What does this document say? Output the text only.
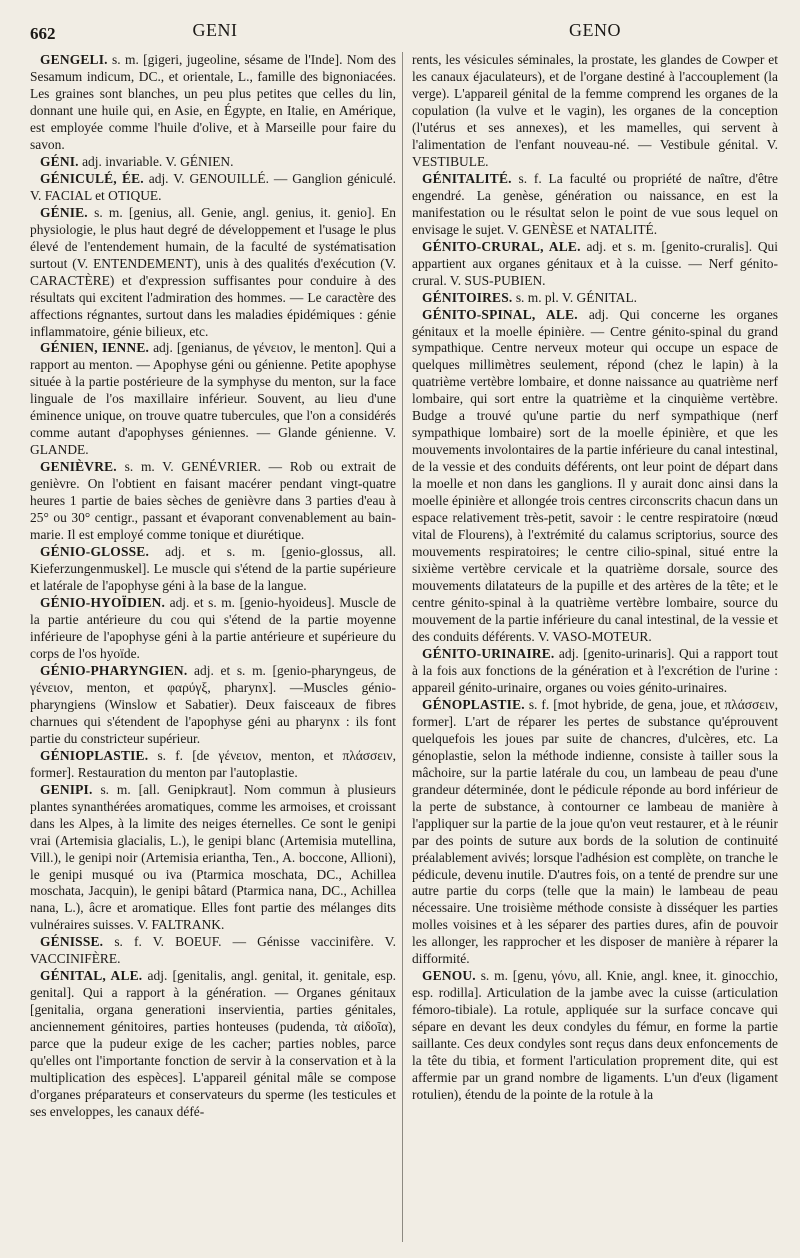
662	GENI	GENO

GENGELI. s. m. [gigeri, jugeoline, sésame de l'Inde]. Nom des Sesamum indicum, DC., et orientale, L., famille des bignoniacées. Les graines sont blanches, un peu plus petites que celles du lin, donnant une huile qui, en Asie, en Égypte, en Italie, en Amérique, est employée comme l'huile d'olive, et à Marseille pour faire du savon.

GÉNI. adj. invariable. V. GÉNIEN.

GÉNICULÉ, ÉE. adj. V. GENOUILLÉ. — Ganglion géniculé. V. FACIAL et OTIQUE.

GÉNIE. s. m. [genius, all. Genie, angl. genius, it. genio]. En physiologie, le plus haut degré de développement et l'usage le plus élevé de l'entendement humain, de la faculté de systématisation surtout (V. ENTENDEMENT), unis à des qualités d'exécution (V. CARACTÈRE) et d'expression suffisantes pour conduire à des résultats qui excitent l'admiration des hommes. — Le caractère des affections régnantes, surtout dans les maladies épidémiques : génie inflammatoire, génie bilieux, etc.

GÉNIEN, IENNE. adj. [genianus, de γένειον, le menton]. Qui a rapport au menton. — Apophyse géni ou génienne. Petite apophyse située à la partie postérieure de la symphyse du menton, sur la face linguale de l'os maxillaire inférieur. Souvent, au lieu d'une éminence unique, on trouve quatre tubercules, que l'on a considérés comme autant d'apophyses géniennes. — Glande génienne. V. GLANDE.

GENIÈVRE. s. m. V. GENÉVRIER. — Rob ou extrait de genièvre. On l'obtient en faisant macérer pendant vingt-quatre heures 1 partie de baies sèches de genièvre dans 3 parties d'eau à 25° ou 30° centigr., passant et évaporant convenablement au bain-marie. Il est employé comme tonique et diurétique.

GÉNIO-GLOSSE. adj. et s. m. [genio-glossus, all. Kieferzungenmuskel]. Le muscle qui s'étend de la partie supérieure et latérale de l'apophyse géni à la base de la langue.

GÉNIO-HYOÏDIEN. adj. et s. m. [genio-hyoideus]. Muscle de la partie antérieure du cou qui s'étend de la partie moyenne inférieure de l'apophyse géni à la partie antérieure et supérieure du corps de l'os hyoïde.

GÉNIO-PHARYNGIEN. adj. et s. m. [genio-pharyngeus, de γένειον, menton, et φαρύγξ, pharynx]. —Muscles génio-pharyngiens (Winslow et Sabatier). Deux faisceaux de fibres charnues qui s'étendent de l'apophyse géni au pharynx : ils font partie du constricteur supérieur.

GÉNIOPLASTIE. s. f. [de γένειον, menton, et πλάσσειν, former]. Restauration du menton par l'autoplastie.

GENIPI. s. m. [all. Genipkraut]. Nom commun à plusieurs plantes synanthérées aromatiques, comme les armoises, et croissant dans les Alpes, à la limite des neiges éternelles. Ce sont le genipi vrai (Artemisia glacialis, L.), le genipi blanc (Artemisia mutellina, Vill.), le genipi noir (Artemisia eriantha, Ten., A. boccone, Allioni), le genipi musqué ou iva (Ptarmica moschata, DC., Achillea moschata, Jacquin), le genipi bâtard (Ptarmica nana, DC., Achillea nana, L.), âcre et aromatique. Elles font partie des mélanges dits vulnéraires suisses. V. FALTRANK.

GÉNISSE. s. f. V. BOEUF. — Génisse vaccinifère. V. VACCINIFÈRE.

GÉNITAL, ALE. adj. [genitalis, angl. genital, it. genitale, esp. genital]. Qui a rapport à la génération. — Organes génitaux [genitalia, organa generationi inservientia, parties génitales, anciennement génitoires, parties honteuses (pudenda, τὰ αἰδοῖα), parce que la pudeur exige de les cacher; parties nobles, parce qu'elles ont l'importante fonction de servir à la conservation et à la multiplication des espèces]. L'appareil génital mâle se compose d'organes préparateurs et conservateurs du sperme (les testicules et ses enveloppes, les canaux défé-

rents, les vésicules séminales, la prostate, les glandes de Cowper et les canaux éjaculateurs), et de l'organe destiné à l'accouplement (la verge). L'appareil génital de la femme comprend les organes de la copulation (la vulve et le vagin), les organes de la conception (l'utérus et ses annexes), et les mamelles, qui servent à l'alimentation de l'enfant nouveau-né. — Vestibule génital. V. VESTIBULE.

GÉNITALITÉ. s. f. La faculté ou propriété de naître, d'être engendré. La genèse, génération ou naissance, en est la manifestation ou le résultat selon le point de vue sous lequel on envisage le sujet. V. GENÈSE et NATALITÉ.

GÉNITO-CRURAL, ALE. adj. et s. m. [genito-cruralis]. Qui appartient aux organes génitaux et à la cuisse. — Nerf génito-crural. V. SUS-PUBIEN.

GÉNITOIRES. s. m. pl. V. GÉNITAL.

GÉNITO-SPINAL, ALE. adj. Qui concerne les organes génitaux et la moelle épinière. — Centre génito-spinal du grand sympathique. Centre nerveux moteur qui occupe un espace de quelques millimètres seulement, répond (chez le lapin) à la quatrième vertèbre lombaire, et donne naissance au quatrième nerf lombaire, qui sort entre la quatrième et la cinquième vertèbre. Budge a trouvé qu'une partie du nerf sympathique (nerf sympathique lombaire) sort de la moelle épinière, et que les mouvements involontaires de la partie inférieure du canal intestinal, de la vessie et des conduits déférents, ont leur point de départ dans la moelle et non dans les ganglions. Il y aurait donc ainsi dans la moelle épinière et allongée trois centres circonscrits chacun dans un espace relativement très-petit, savoir : le centre respiratoire (nœud vital de Flourens), à l'extrémité du calamus scriptorius, source des mouvements respiratoires; le centre cilio-spinal, situé entre la sixième vertèbre cervicale et la quatrième dorsale, source des mouvements dilatateurs de la pupille et des artères de la tête; et le centre génito-spinal à la quatrième vertèbre lombaire, source du mouvement de la partie inférieure du canal intestinal, de la vessie et des conduits déférents. V. VASO-MOTEUR.

GÉNITO-URINAIRE. adj. [genito-urinaris]. Qui a rapport tout à la fois aux fonctions de la génération et à l'excrétion de l'urine : appareil génito-urinaire, organes ou voies génito-urinaires.

GÉNOPLASTIE. s. f. [mot hybride, de gena, joue, et πλάσσειν, former]. L'art de réparer les pertes de substance qu'éprouvent quelquefois les joues par suite de chancres, d'ulcères, etc. La génoplastie, selon la méthode indienne, consiste à tailler sous la mâchoire, sur la partie latérale du cou, un lambeau de peau d'une grandeur déterminée, dont le pédicule réponde au bord inférieur de la perte de substance, à contourner ce lambeau de manière à l'appliquer sur la partie de la joue qu'on veut restaurer, et à le réunir par des points de suture aux bords de la solution de continuité préalablement avivés; lorsque l'adhésion est complète, on tranche le pédicule, devenu inutile. D'autres fois, on a tenté de prendre sur une autre partie du corps (telle que la main) le lambeau de peau nécessaire. Une troisième méthode consiste à disséquer les parties molles voisines et à les séparer des parties dures, afin de pouvoir les allonger, les rapprocher et les disposer de manière à réparer la difformité.

GENOU. s. m. [genu, γόνυ, all. Knie, angl. knee, it. ginocchio, esp. rodilla]. Articulation de la jambe avec la cuisse (articulation fémoro-tibiale). La rotule, appliquée sur la surface concave qui sépare en devant les deux condyles du fémur, en forme la partie saillante. Ces deux condyles sont reçus dans deux enfoncements de la tête du tibia, et forment l'articulation proprement dite, qui est affermie par un grand nombre de ligaments. L'un d'eux (ligament rotulien), étendu de la pointe de la rotule à la
